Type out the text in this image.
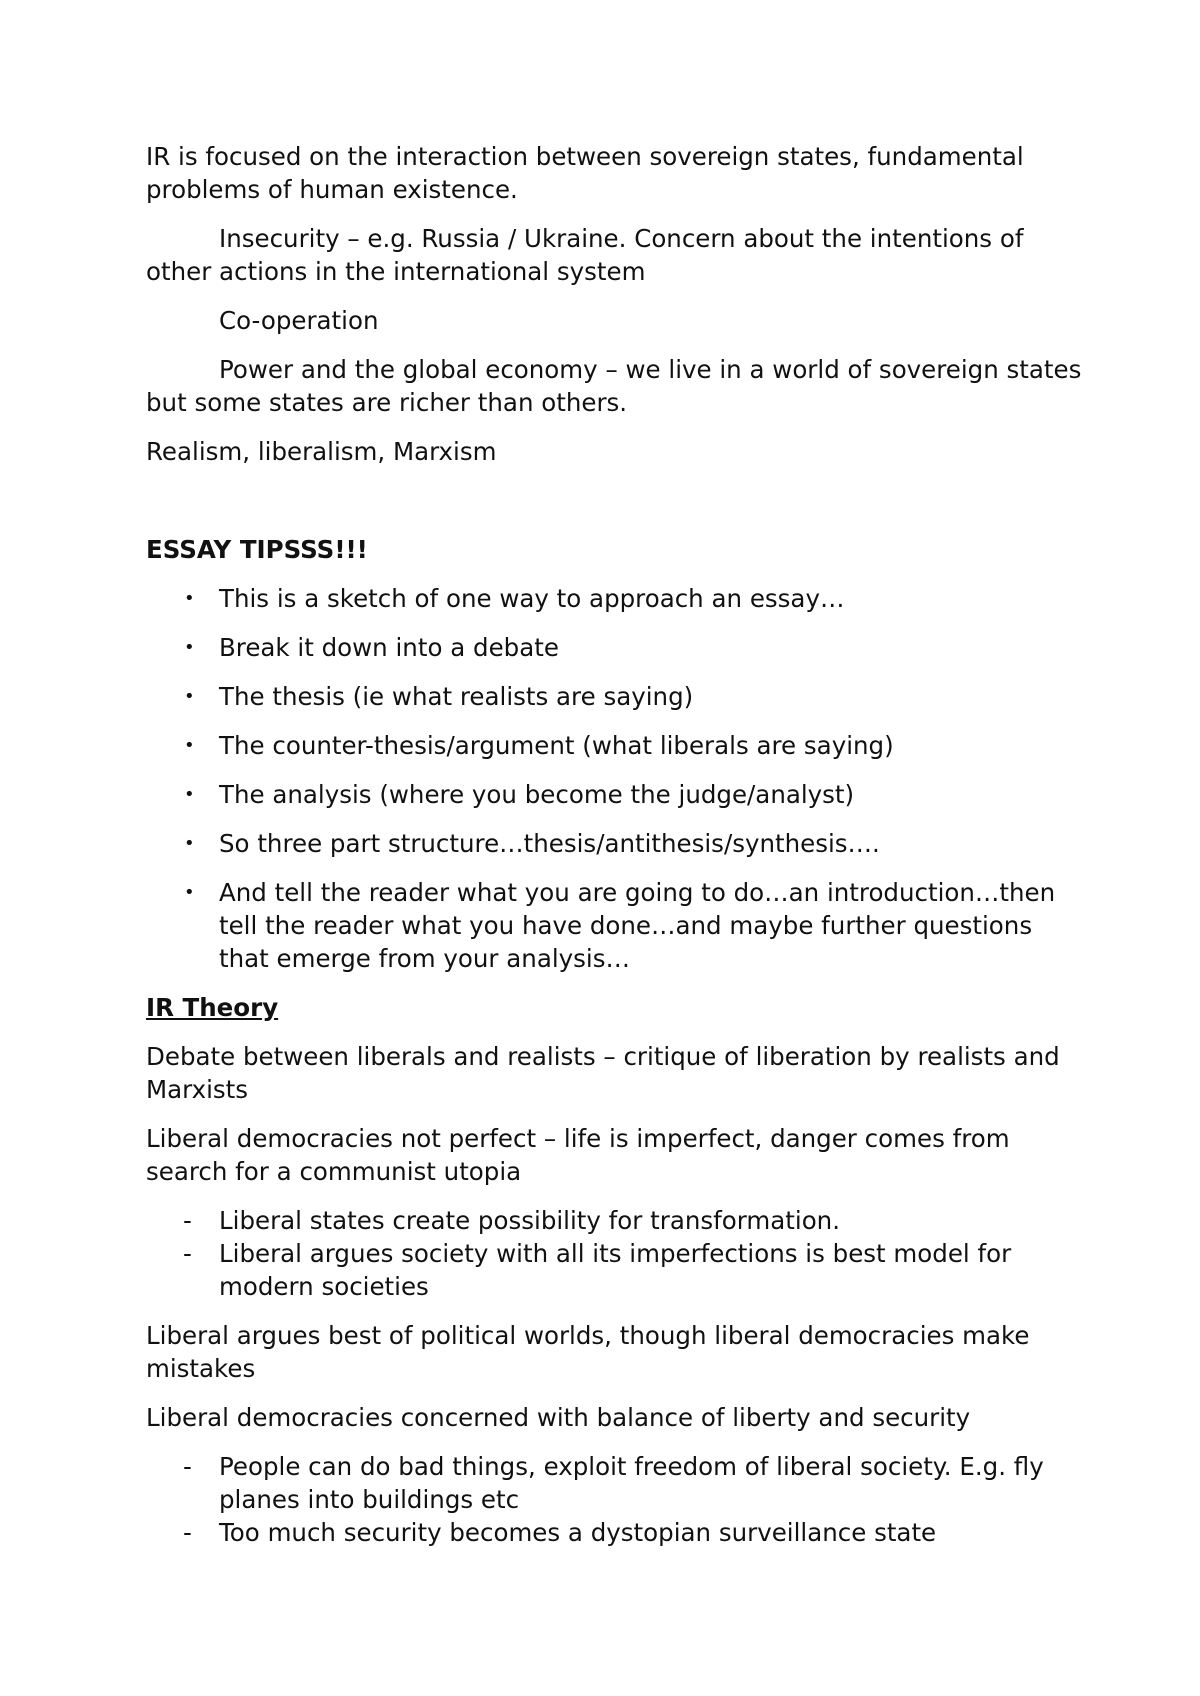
IR is focused on the interaction between sovereign states, fundamental problems of human existence.

Insecurity – e.g. Russia / Ukraine. Concern about the intentions of other actions in the international system

Co-operation

Power and the global economy – we live in a world of sovereign states but some states are richer than others.

Realism, liberalism, Marxism

ESSAY TIPSSS!!!

• This is a sketch of one way to approach an essay…
• Break it down into a debate
• The thesis (ie what realists are saying)
• The counter-thesis/argument (what liberals are saying)
• The analysis (where you become the judge/analyst)
• So three part structure…thesis/antithesis/synthesis….
• And tell the reader what you are going to do…an introduction…then tell the reader what you have done…and maybe further questions that emerge from your analysis…

IR Theory

Debate between liberals and realists – critique of liberation by realists and Marxists

Liberal democracies not perfect – life is imperfect, danger comes from search for a communist utopia

- Liberal states create possibility for transformation.
- Liberal argues society with all its imperfections is best model for modern societies

Liberal argues best of political worlds, though liberal democracies make mistakes

Liberal democracies concerned with balance of liberty and security

- People can do bad things, exploit freedom of liberal society. E.g. fly planes into buildings etc
- Too much security becomes a dystopian surveillance state
